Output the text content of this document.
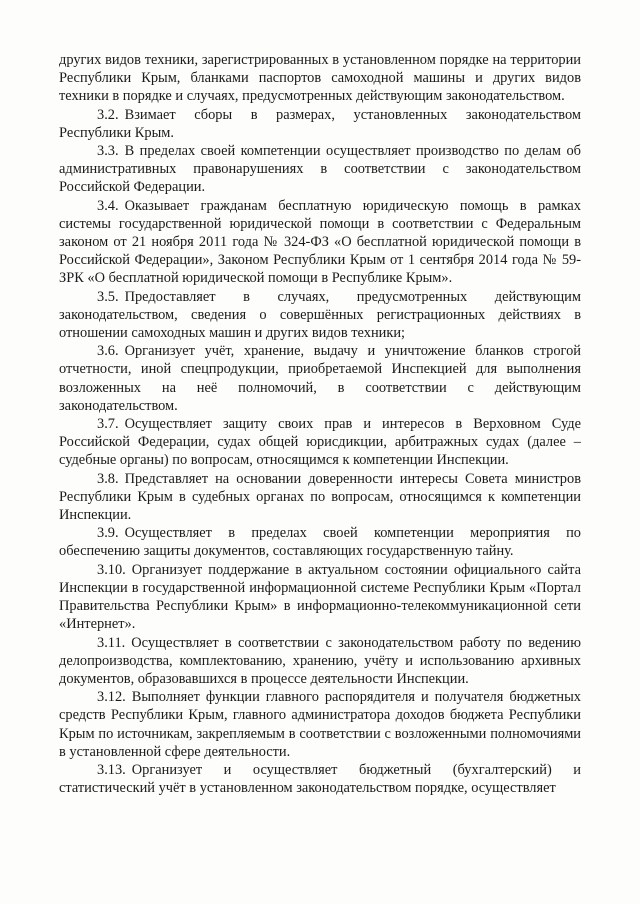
других видов техники, зарегистрированных в установленном порядке на территории Республики Крым, бланками паспортов самоходной машины и других видов техники в порядке и случаях, предусмотренных действующим законодательством.

3.2. Взимает сборы в размерах, установленных законодательством Республики Крым.

3.3. В пределах своей компетенции осуществляет производство по делам об административных правонарушениях в соответствии с законодательством Российской Федерации.

3.4. Оказывает гражданам бесплатную юридическую помощь в рамках системы государственной юридической помощи в соответствии с Федеральным законом от 21 ноября 2011 года № 324-ФЗ «О бесплатной юридической помощи в Российской Федерации», Законом Республики Крым от 1 сентября 2014 года № 59-ЗРК «О бесплатной юридической помощи в Республике Крым».

3.5. Предоставляет в случаях, предусмотренных действующим законодательством, сведения о совершённых регистрационных действиях в отношении самоходных машин и других видов техники;

3.6. Организует учёт, хранение, выдачу и уничтожение бланков строгой отчетности, иной спецпродукции, приобретаемой Инспекцией для выполнения возложенных на неё полномочий, в соответствии с действующим законодательством.

3.7. Осуществляет защиту своих прав и интересов в Верховном Суде Российской Федерации, судах общей юрисдикции, арбитражных судах (далее – судебные органы) по вопросам, относящимся к компетенции Инспекции.

3.8. Представляет на основании доверенности интересы Совета министров Республики Крым в судебных органах по вопросам, относящимся к компетенции Инспекции.

3.9. Осуществляет в пределах своей компетенции мероприятия по обеспечению защиты документов, составляющих государственную тайну.

3.10. Организует поддержание в актуальном состоянии официального сайта Инспекции в государственной информационной системе Республики Крым «Портал Правительства Республики Крым» в информационно-телекоммуникационной сети «Интернет».

3.11. Осуществляет в соответствии с законодательством работу по ведению делопроизводства, комплектованию, хранению, учёту и использованию архивных документов, образовавшихся в процессе деятельности Инспекции.

3.12. Выполняет функции главного распорядителя и получателя бюджетных средств Республики Крым, главного администратора доходов бюджета Республики Крым по источникам, закрепляемым в соответствии с возложенными полномочиями в установленной сфере деятельности.

3.13. Организует и осуществляет бюджетный (бухгалтерский) и статистический учёт в установленном законодательством порядке, осуществляет
